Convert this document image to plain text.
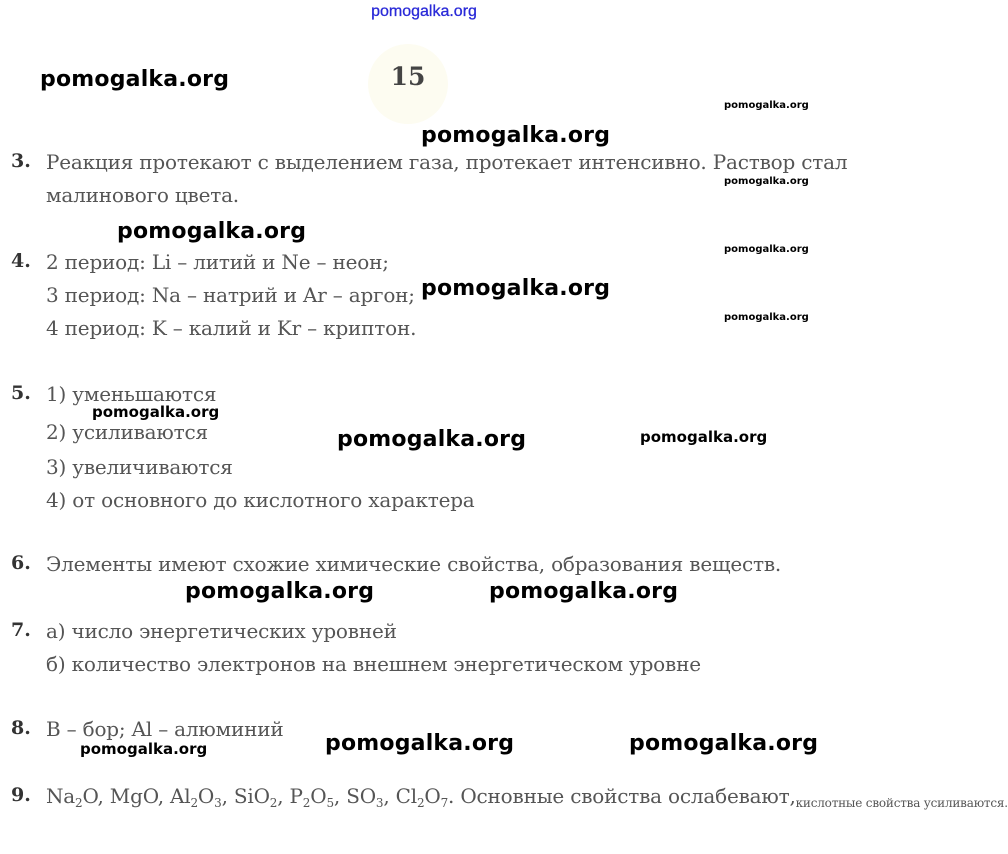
pomogalka.org
15
3. Реакция протекают с выделением газа, протекает интенсивно. Раствор стал
малинового цвета.
4. 2 период: Li – литий и Ne – неон;
3 период: Na – натрий и Ar – аргон;
4 период: K – калий и Kr – криптон.
5. 1) уменьшаются
2) усиливаются
3) увеличиваются
4) от основного до кислотного характера
6. Элементы имеют схожие химические свойства, образования веществ.
7. а) число энергетических уровней
б) количество электронов на внешнем энергетическом уровне
8. B – бор; Al – алюминий
9. $Na_2O$, MgO, $Al_2O_3$, SiO$_2$, $P_2O_5$, $SO_3$, $Cl_2O_7$. Основные свойства $ослабевают,_{кислотные свойства усиливаются.}$
pomogalka.org
pomogalka.org
pomogalka.org
pomogalka.org
pomogalka.org
pomogalka.org
pomogalka.org
pomogalka.org
pomogalka.org
pomogalka.org
pomogalka.org
pomogalka.org	pomogalka.org
pomogalka.org	pomogalka.org	pomogalka.org
